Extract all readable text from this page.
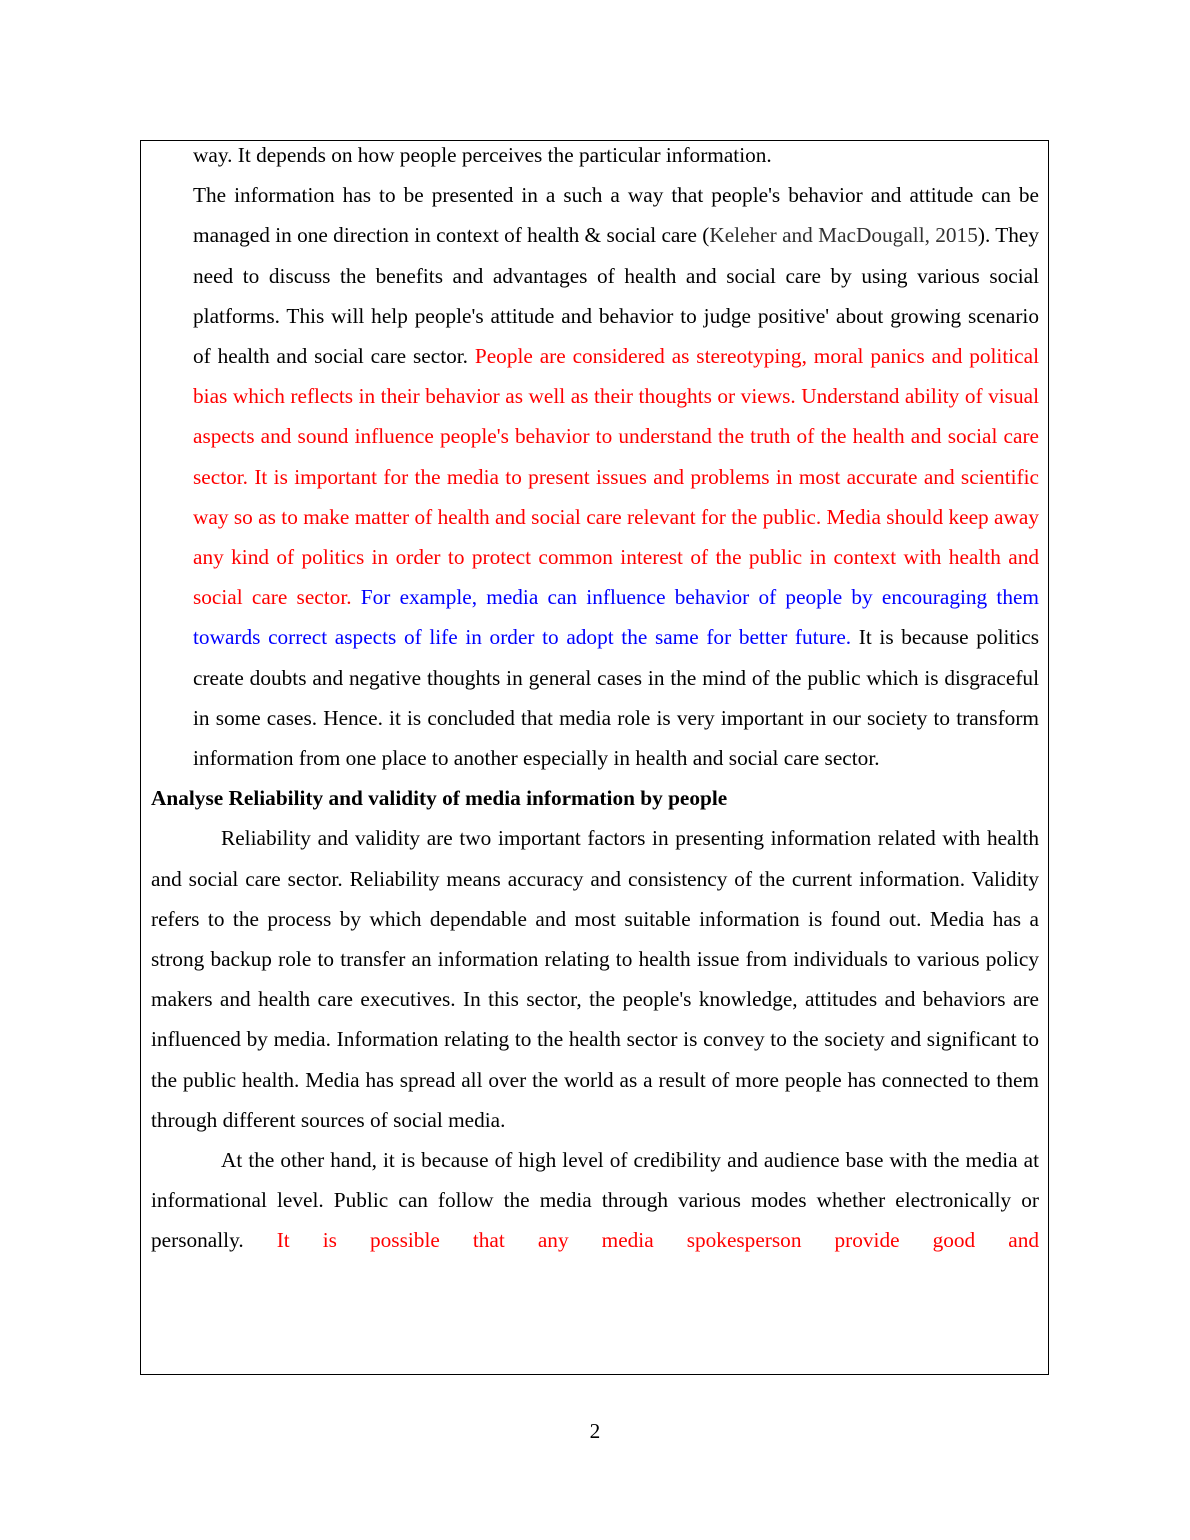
way. It depends on how people perceives the particular information.

The information has to be presented in a such a way that people's behavior and attitude can be managed in one direction in context of health & social care (Keleher and MacDougall, 2015). They need to discuss the benefits and advantages of health and social care by using various social platforms. This will help people's attitude and behavior to judge positive' about growing scenario of health and social care sector. People are considered as stereotyping, moral panics and political bias which reflects in their behavior as well as their thoughts or views. Understand ability of visual aspects and sound influence people's behavior to understand the truth of the health and social care sector. It is important for the media to present issues and problems in most accurate and scientific way so as to make matter of health and social care relevant for the public. Media should keep away any kind of politics in order to protect common interest of the public in context with health and social care sector. For example, media can influence behavior of people by encouraging them towards correct aspects of life in order to adopt the same for better future. It is because politics create doubts and negative thoughts in general cases in the mind of the public which is disgraceful in some cases. Hence. it is concluded that media role is very important in our society to transform information from one place to another especially in health and social care sector.

Analyse Reliability and validity of media information by people

Reliability and validity are two important factors in presenting information related with health and social care sector. Reliability means accuracy and consistency of the current information. Validity refers to the process by which dependable and most suitable information is found out. Media has a strong backup role to transfer an information relating to health issue from individuals to various policy makers and health care executives. In this sector, the people's knowledge, attitudes and behaviors are influenced by media. Information relating to the health sector is convey to the society and significant to the public health. Media has spread all over the world as a result of more people has connected to them through different sources of social media.

At the other hand, it is because of high level of credibility and audience base with the media at informational level. Public can follow the media through various modes whether electronically or personally. It is possible that any media spokesperson provide good and

2
